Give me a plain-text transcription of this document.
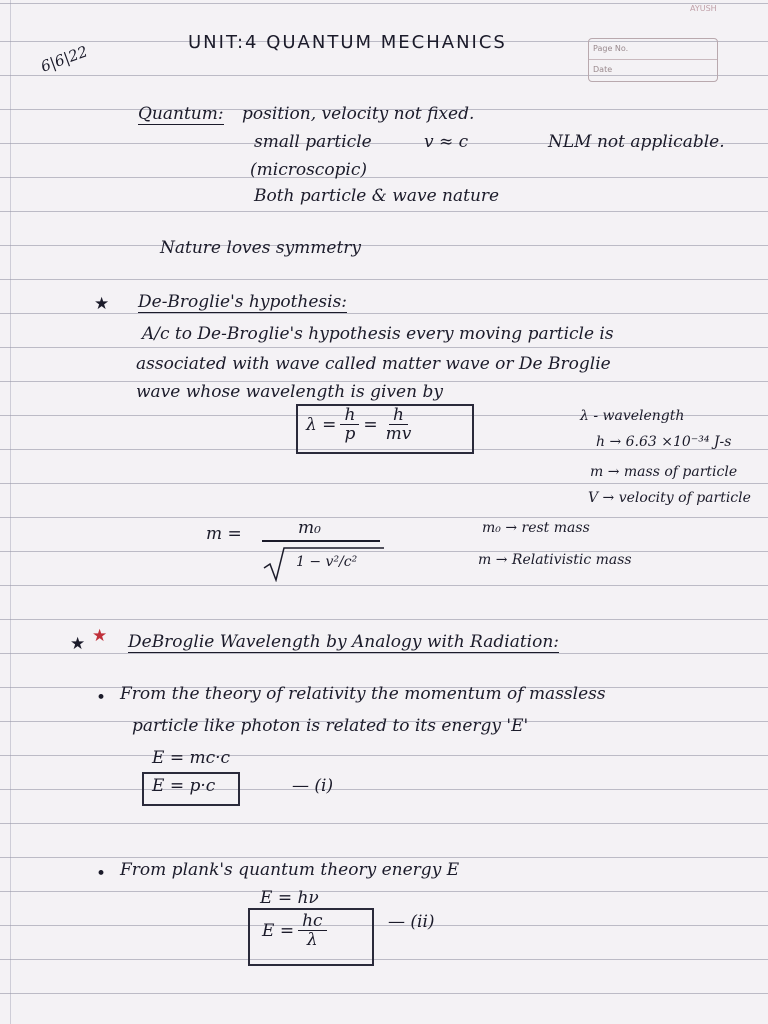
6|6|22	UNIT:4 QUANTUM MECHANICS
AYUSH
Page No.
Date
Quantum: position, velocity not fixed.
small particle	v ≈ c	NLM not applicable.
(microscopic)
Both particle & wave nature
Nature loves symmetry
★ De-Broglie's hypothesis:
A/c to De-Broglie's hypothesis every moving particle is
associated with wave called matter wave or De Broglie
wave whose wavelength is given by
$\lambda = \frac{h}{p} = \frac{h}{mv}$	λ - wavelength
h → 6.63 ×10⁻³⁴ J-s
m → mass of particle
V → velocity of particle
m =	m₀
1 − v²/c²
m₀ → rest mass
m → Relativistic mass
★ ★ DeBroglie Wavelength by Analogy with Radiation:
• From the theory of relativity the momentum of massless
particle like photon is related to its energy 'E'
E = mc·c
E = p·c	— (i)
• From plank's quantum theory energy E
E = hν
$E = \frac{hc}{\lambda}$	— (ii)
